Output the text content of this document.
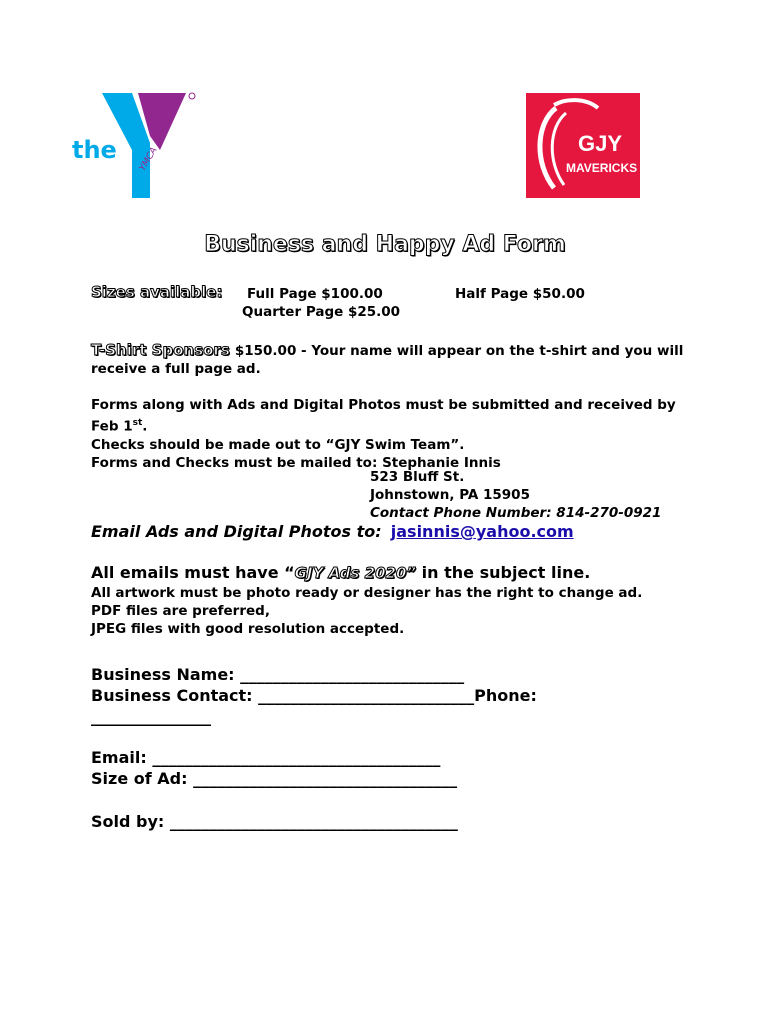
the YMCA
GJY
MAVERICKS
Business and Happy Ad Form
Sizes available: Full Page $100.00	Half Page $50.00
Quarter Page $25.00
T-Shirt Sponsors $150.00 - Your name will appear on the t-shirt and you will
receive a full page ad.
Forms along with Ads and Digital Photos must be submitted and received by
Feb 1st.
Checks should be made out to “GJY Swim Team”.
Forms and Checks must be mailed to: Stephanie Innis
523 Bluff St.
Johnstown, PA 15905
Contact Phone Number: 814-270-0921
Email Ads and Digital Photos to: jasinnis@yahoo.com
All emails must have “GJY Ads 2020” in the subject line.
All artwork must be photo ready or designer has the right to change ad.
PDF files are preferred,
JPEG files with good resolution accepted.
Business Name: ____________________________
Business Contact: ___________________________Phone:
_______________
Email: ____________________________________
Size of Ad: _________________________________
Sold by: ____________________________________
